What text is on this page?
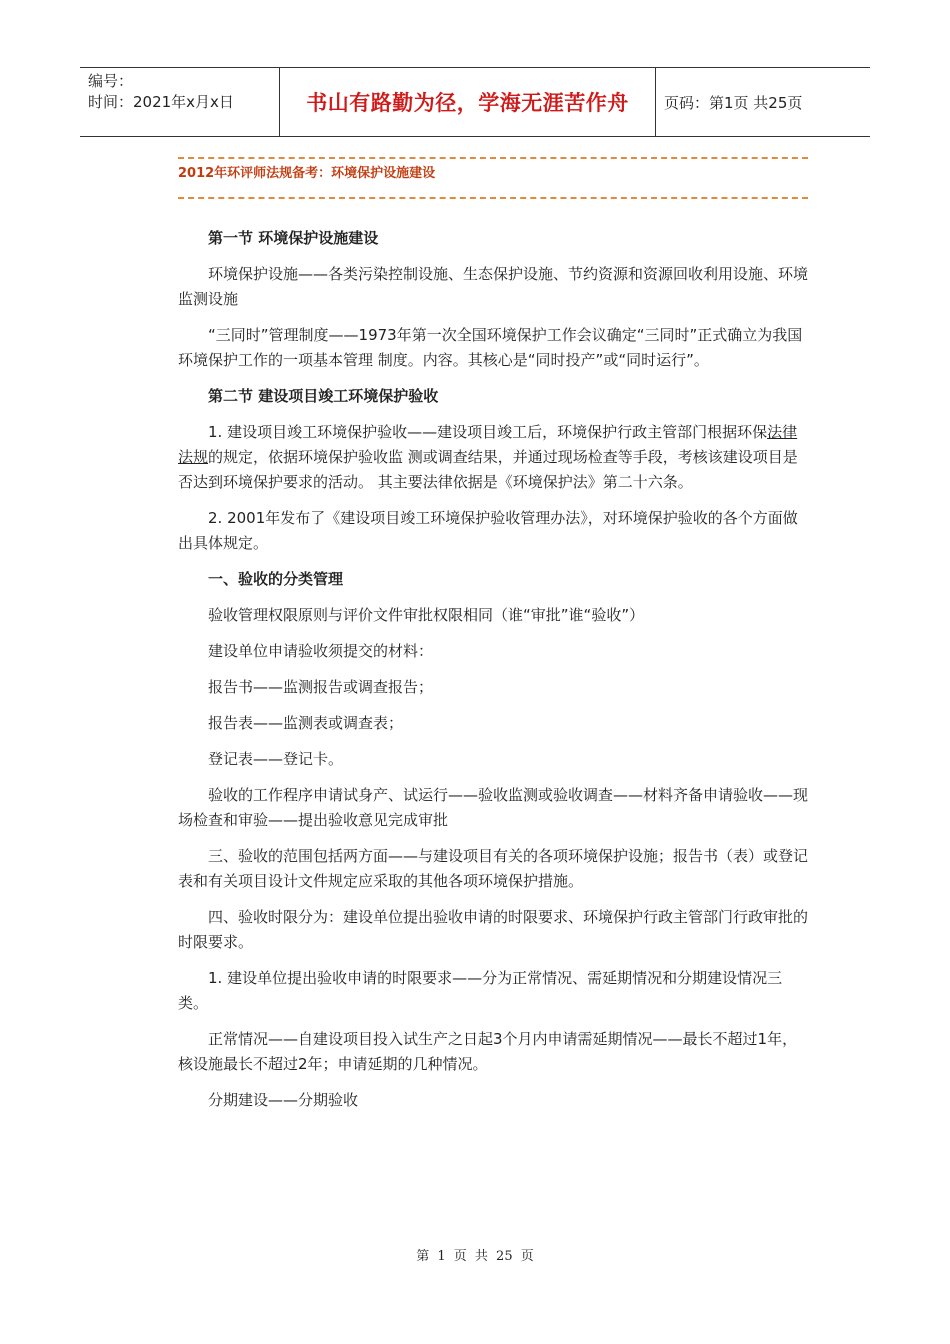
编号：
时间：2021年x月x日	书山有路勤为径，学海无涯苦作舟	页码：第1页 共25页
2012年环评师法规备考：环境保护设施建设

第一节 环境保护设施建设

环境保护设施——各类污染控制设施、生态保护设施、节约资源和资源回收利用设施、环境监测设施

“三同时”管理制度——1973年第一次全国环境保护工作会议确定“三同时”正式确立为我国环境保护工作的一项基本管理 制度。内容。其核心是“同时投产”或“同时运行”。

第二节 建设项目竣工环境保护验收

1. 建设项目竣工环境保护验收——建设项目竣工后，环境保护行政主管部门根据环保法律法规的规定，依据环境保护验收监 测或调查结果，并通过现场检查等手段，考核该建设项目是否达到环境保护要求的活动。 其主要法律依据是《环境保护法》第二十六条。

2. 2001年发布了《建设项目竣工环境保护验收管理办法》，对环境保护验收的各个方面做出具体规定。

一、验收的分类管理

验收管理权限原则与评价文件审批权限相同（谁“审批”谁“验收”）

建设单位申请验收须提交的材料：

报告书——监测报告或调查报告；

报告表——监测表或调查表；

登记表——登记卡。

验收的工作程序申请试身产、试运行——验收监测或验收调查——材料齐备申请验收——现场检查和审验——提出验收意见完成审批

三、验收的范围包括两方面——与建设项目有关的各项环境保护设施；报告书（表）或登记表和有关项目设计文件规定应采取的其他各项环境保护措施。

四、验收时限分为：建设单位提出验收申请的时限要求、环境保护行政主管部门行政审批的时限要求。

1. 建设单位提出验收申请的时限要求——分为正常情况、需延期情况和分期建设情况三类。

正常情况——自建设项目投入试生产之日起3个月内申请需延期情况——最长不超过1年，核设施最长不超过2年；申请延期的几种情况。

分期建设——分期验收

第 1 页 共 25 页
